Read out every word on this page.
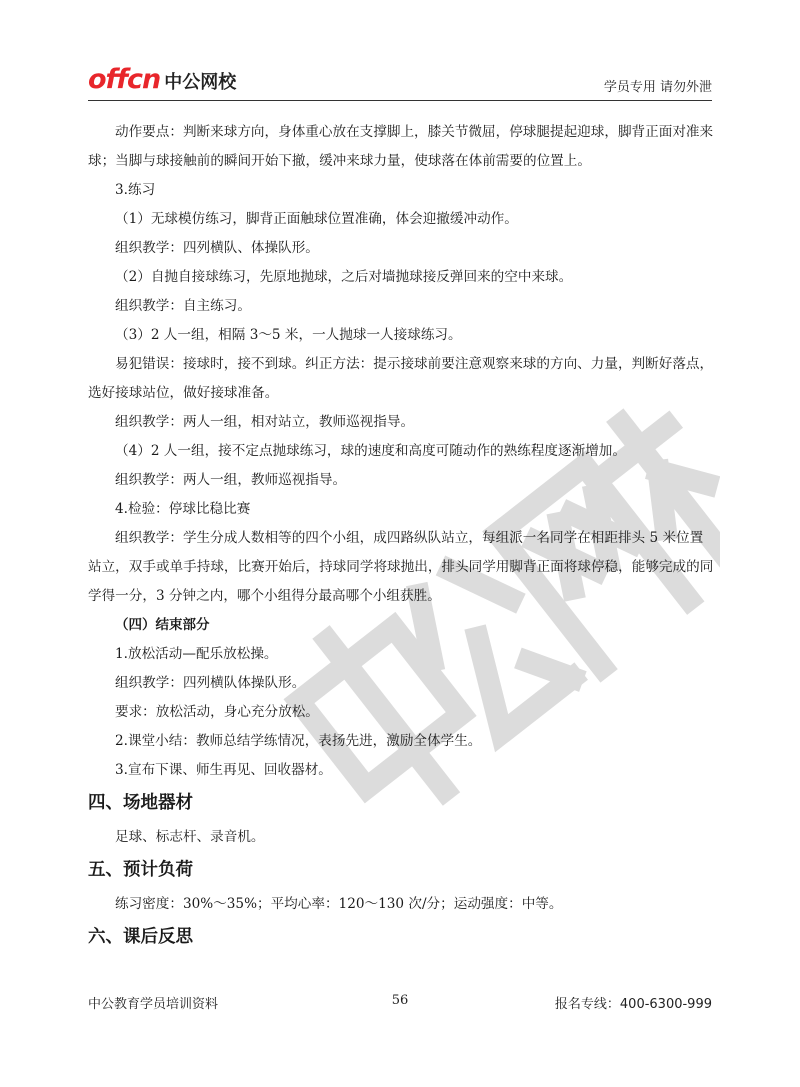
offcn 中公网校	学员专用 请勿外泄

动作要点：判断来球方向，身体重心放在支撑脚上，膝关节微屈，停球腿提起迎球，脚背正面对准来球；当脚与球接触前的瞬间开始下撤，缓冲来球力量，使球落在体前需要的位置上。

3.练习

（1）无球模仿练习，脚背正面触球位置准确，体会迎撤缓冲动作。

组织教学：四列横队、体操队形。

（2）自抛自接球练习，先原地抛球，之后对墙抛球接反弹回来的空中来球。

组织教学：自主练习。

（3）2 人一组，相隔 3～5 米，一人抛球一人接球练习。

易犯错误：接球时，接不到球。纠正方法：提示接球前要注意观察来球的方向、力量，判断好落点，选好接球站位，做好接球准备。

组织教学：两人一组，相对站立，教师巡视指导。

（4）2 人一组，接不定点抛球练习，球的速度和高度可随动作的熟练程度逐渐增加。

组织教学：两人一组，教师巡视指导。

4.检验：停球比稳比赛

组织教学：学生分成人数相等的四个小组，成四路纵队站立，每组派一名同学在相距排头 5 米位置站立，双手或单手持球，比赛开始后，持球同学将球抛出，排头同学用脚背正面将球停稳，能够完成的同学得一分，3 分钟之内，哪个小组得分最高哪个小组获胜。

（四）结束部分

1.放松活动—配乐放松操。

组织教学：四列横队体操队形。

要求：放松活动，身心充分放松。

2.课堂小结：教师总结学练情况，表扬先进，激励全体学生。

3.宣布下课、师生再见、回收器材。

四、场地器材

足球、标志杆、录音机。

五、预计负荷

练习密度：30%～35%；平均心率：120～130 次/分；运动强度：中等。

六、课后反思
中公教育学员培训资料	56	报名专线：400-6300-999
